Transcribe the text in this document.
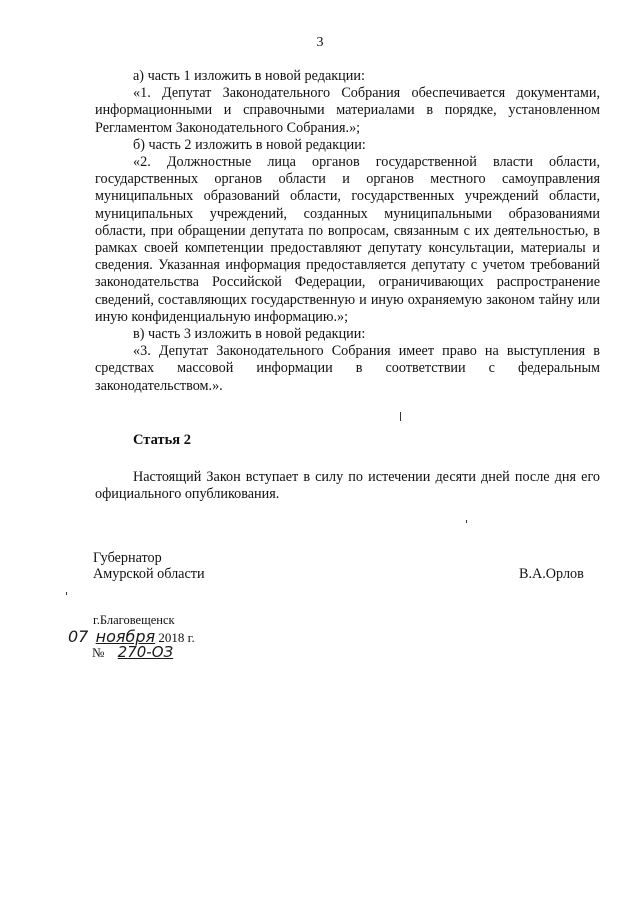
3

а) часть 1 изложить в новой редакции:

«1. Депутат Законодательного Собрания обеспечивается документами, информационными и справочными материалами в порядке, установленном Регламентом Законодательного Собрания.»;

б) часть 2 изложить в новой редакции:

«2. Должностные лица органов государственной власти области, государственных органов области и органов местного самоуправления муниципальных образований области, государственных учреждений области, муниципальных учреждений, созданных муниципальными образованиями области, при обращении депутата по вопросам, связанным с их деятельностью, в рамках своей компетенции предоставляют депутату консультации, материалы и сведения. Указанная информация предоставляется депутату с учетом требований законодательства Российской Федерации, ограничивающих распространение сведений, составляющих государственную и иную охраняемую законом тайну или иную конфиденциальную информацию.»;

в) часть 3 изложить в новой редакции:

«3. Депутат Законодательного Собрания имеет право на выступления в средствах массовой информации в соответствии с федеральным законодательством.».

Статья 2

Настоящий Закон вступает в силу по истечении десяти дней после дня его официального опубликования.

Губернатор
Амурской области	В.А.Орлов
г.Благовещенск
07 ноября 2018 г.
№ 270-ОЗ
